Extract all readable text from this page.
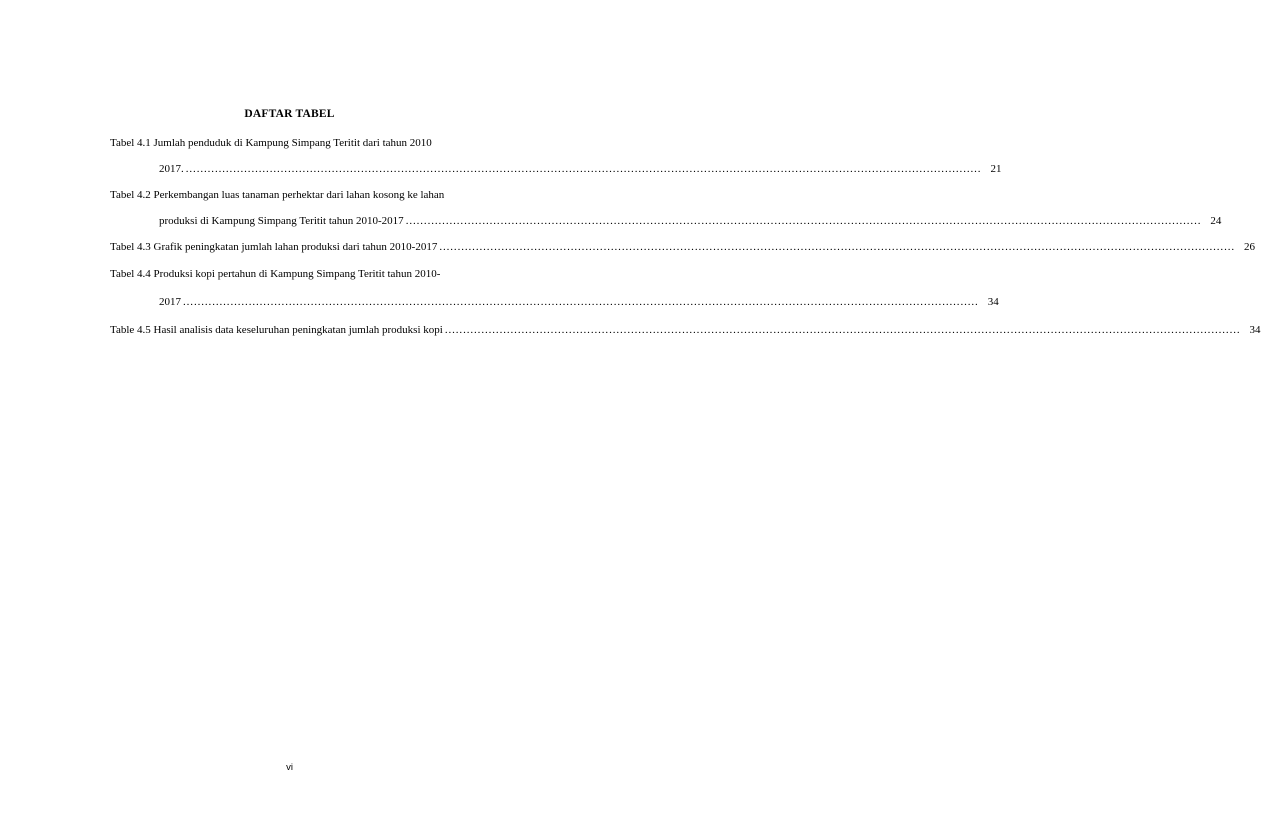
DAFTAR TABEL
Tabel 4.1 Jumlah penduduk di Kampung Simpang Teritit dari tahun 2010
2017. .....	21
Tabel 4.2 Perkembangan luas tanaman perhektar dari lahan kosong ke lahan
produksi di Kampung Simpang Teritit tahun 2010-2017 .....	24
Tabel 4.3 Grafik peningkatan jumlah lahan produksi dari tahun 2010-2017 .....	26
Tabel 4.4 Produksi kopi pertahun di Kampung Simpang Teritit tahun 2010-
2017 .....	34
Table 4.5 Hasil analisis data keseluruhan peningkatan jumlah produksi kopi .....	34
vi
